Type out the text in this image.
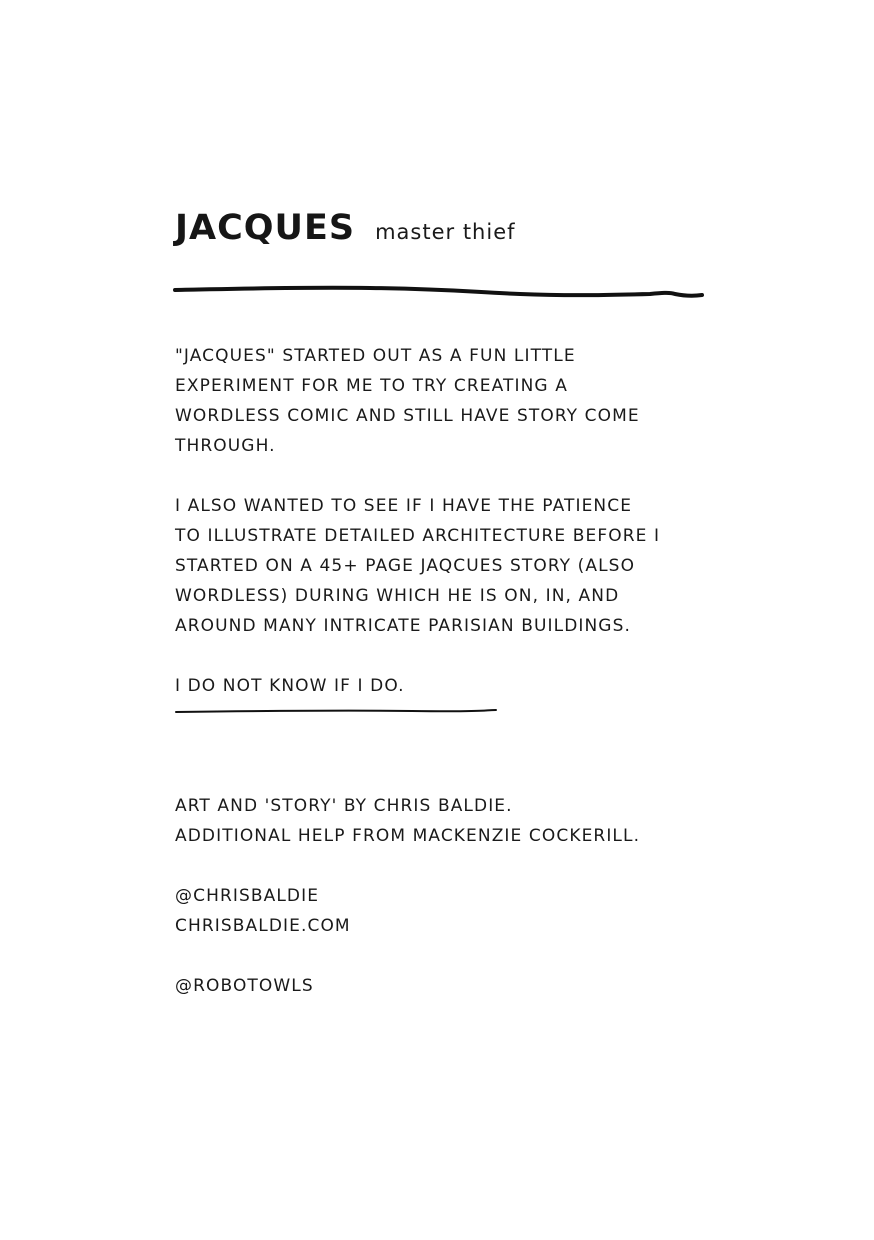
JACQUES master thief
"JACQUES" STARTED OUT AS A FUN LITTLE
EXPERIMENT FOR ME TO TRY CREATING A
WORDLESS COMIC AND STILL HAVE STORY COME
THROUGH.
I ALSO WANTED TO SEE IF I HAVE THE PATIENCE
TO ILLUSTRATE DETAILED ARCHITECTURE BEFORE I
STARTED ON A 45+ PAGE JAQCUES STORY (ALSO
WORDLESS) DURING WHICH HE IS ON, IN, AND
AROUND MANY INTRICATE PARISIAN BUILDINGS.
I DO NOT KNOW IF I DO.
ART AND 'STORY' BY CHRIS BALDIE.
ADDITIONAL HELP FROM MACKENZIE COCKERILL.
@CHRISBALDIE
CHRISBALDIE.COM
@ROBOTOWLS
